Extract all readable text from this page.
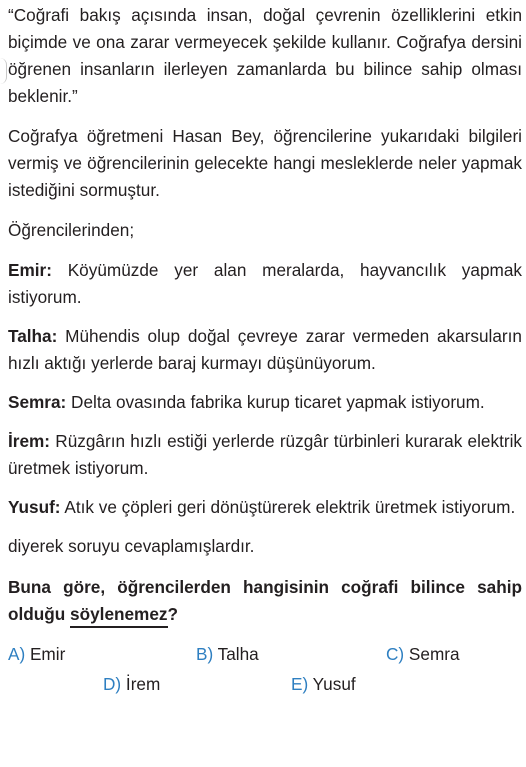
“Coğrafi bakış açısında insan, doğal çevrenin özelliklerini etkin biçimde ve ona zarar vermeyecek şekilde kullanır. Coğrafya dersini öğrenen insanların ilerleyen zamanlarda bu bilince sahip olması beklenir.”

Coğrafya öğretmeni Hasan Bey, öğrencilerine yukarıdaki bilgileri vermiş ve öğrencilerinin gelecekte hangi mesleklerde neler yapmak istediğini sormuştur.

Öğrencilerinden;

Emir: Köyümüzde yer alan meralarda, hayvancılık yapmak istiyorum.

Talha: Mühendis olup doğal çevreye zarar vermeden akarsuların hızlı aktığı yerlerde baraj kurmayı düşünüyorum.

Semra: Delta ovasında fabrika kurup ticaret yapmak istiyorum.

İrem: Rüzgârın hızlı estiği yerlerde rüzgâr türbinleri kurarak elektrik üretmek istiyorum.

Yusuf: Atık ve çöpleri geri dönüştürerek elektrik üretmek istiyorum.

diyerek soruyu cevaplamışlardır.

Buna göre, öğrencilerden hangisinin coğrafi bilince sahip olduğu söylenemez?

A) Emir	B) Talha	C) Semra
D) İrem	E) Yusuf
